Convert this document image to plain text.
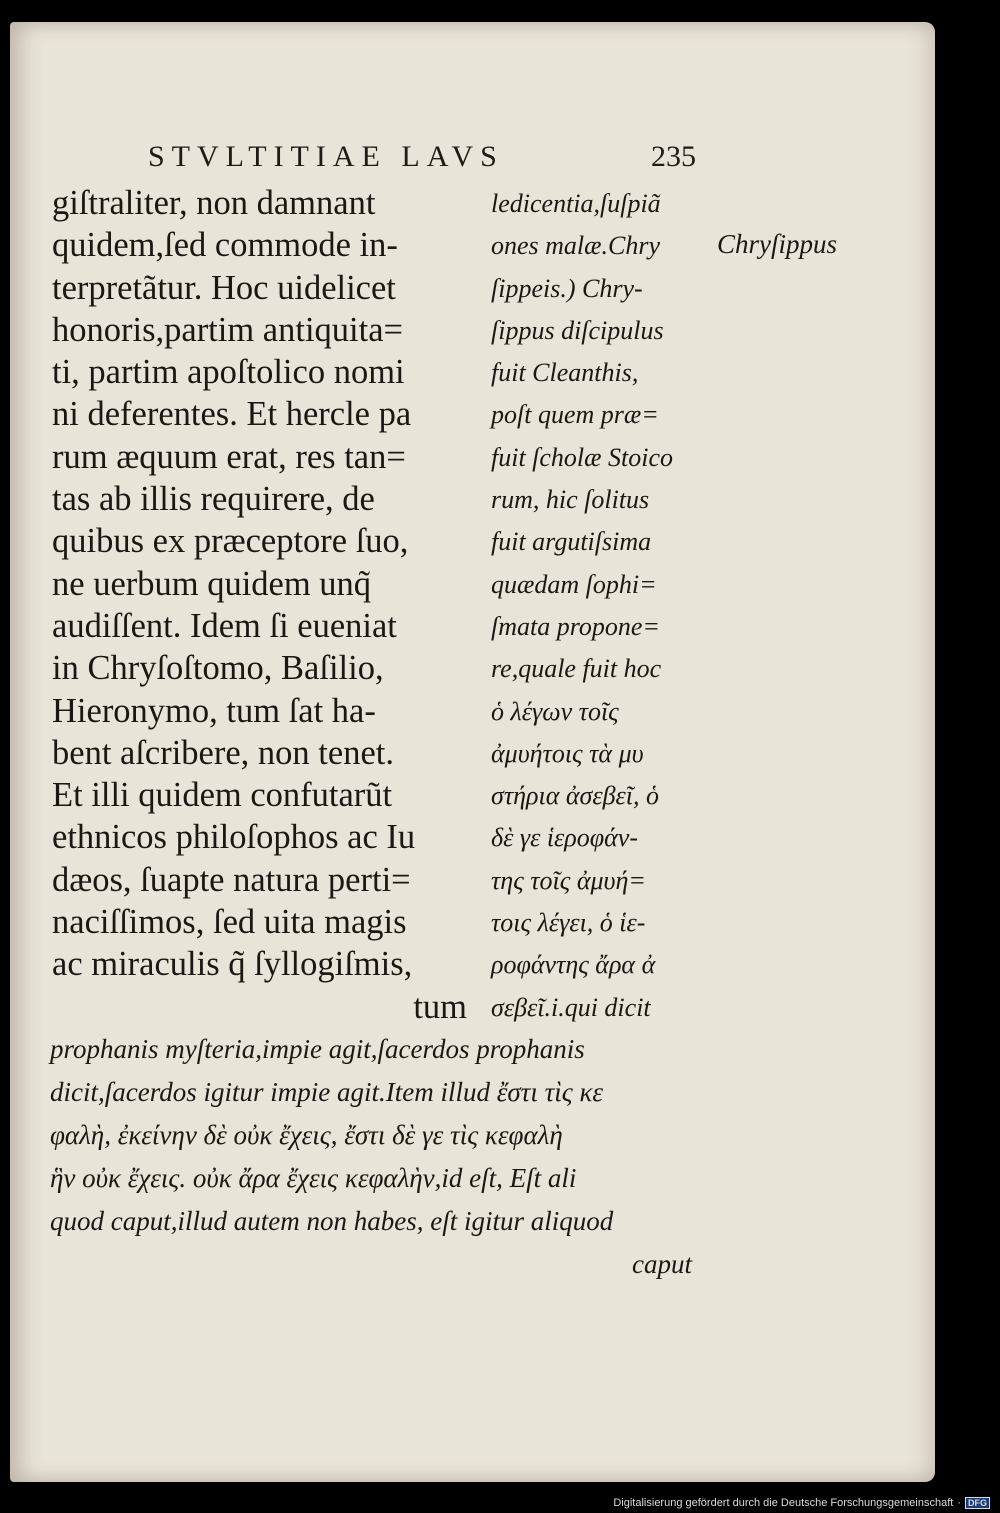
STVLTITIAE LAVS	235
giſtraliter, non damnant
quidem,ſed commode in-
terpretãtur. Hoc uidelicet
honoris,partim antiquita=
ti, partim apoſtolico nomi
ni deferentes. Et hercle pa
rum æquum erat, res tan=
tas ab illis requirere, de
quibus ex præceptore ſuo,
ne uerbum quidem unq̃
audiſſent. Idem ſi eueniat
in Chryſoſtomo, Baſilio,
Hieronymo, tum ſat ha-
bent aſcribere, non tenet.
Et illi quidem confutarũt
ethnicos philoſophos ac Iu
dæos, ſuapte natura perti=
naciſſimos, ſed uita magis
ac miraculis q̃ ſyllogiſmis,
tum
ledicentia,ſuſpiã
ones malæ.Chry
ſippeis.) Chry-
ſippus diſcipulus
fuit Cleanthis,
poſt quem præ=
fuit ſcholæ Stoico
rum, hic ſolitus
fuit argutiſsima
quædam ſophi=
ſmata propone=
re,quale fuit hoc
ὁ λέγων τοῖς
ἀμυήτοις τὰ μυ
στήρια ἀσεβεῖ, ὁ
δὲ γε ἱεροφάν-
της τοῖς ἀμυή=
τοις λέγει, ὁ ἱε-
ροφάντης ἄρα ἀ
σεβεῖ.i.qui dicit
Chryſippus
prophanis myſteria,impie agit,ſacerdos prophanis
dicit,ſacerdos igitur impie agit.Item illud ἔστι τὶς κε
φαλὴ, ἐκείνην δὲ οὐκ ἔχεις, ἔστι δὲ γε τὶς κεφαλὴ
ἣν οὐκ ἔχεις. οὐκ ἄρα ἔχεις κεφαλὴν,id eſt, Eſt ali
quod caput,illud autem non habes, eſt igitur aliquod
caput
Digitalisierung gefördert durch die Deutsche Forschungsgemeinschaft · DFG
